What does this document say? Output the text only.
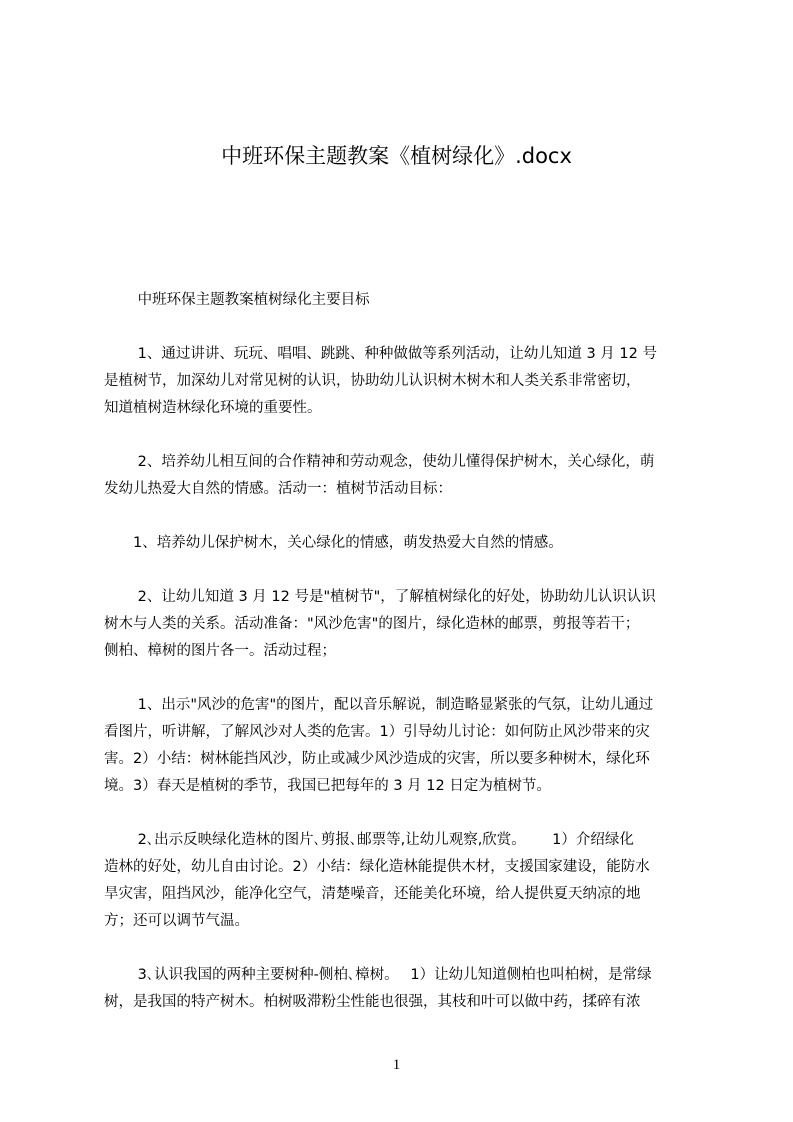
中班环保主题教案《植树绿化》.docx
　　 中班环保主题教案植树绿化主要目标
　　 1、通过讲讲、玩玩、唱唱、跳跳、种种做做等系列活动，让幼儿知道 3 月 12 号
是植树节，加深幼儿对常见树的认识，协助幼儿认识树木树木和人类关系非常密切，
知道植树造林绿化环境的重要性。
　　 2、培养幼儿相互间的合作精神和劳动观念，使幼儿懂得保护树木，关心绿化，萌
发幼儿热爱大自然的情感。活动一：植树节活动目标：
　　1、培养幼儿保护树木，关心绿化的情感，萌发热爱大自然的情感。
　　 2、让幼儿知道 3 月 12 号是"植树节"，了解植树绿化的好处，协助幼儿认识认识
树木与人类的关系。活动准备："风沙危害"的图片，绿化造林的邮票，剪报等若干；
侧柏、樟树的图片各一。活动过程；
　　 1、出示"风沙的危害"的图片，配以音乐解说，制造略显紧张的气氛，让幼儿通过
看图片，听讲解，了解风沙对人类的危害。1）引导幼儿讨论：如何防止风沙带来的灾
害。2）小结：树林能挡风沙，防止或减少风沙造成的灾害，所以要多种树木，绿化环
境。3）春天是植树的季节，我国已把每年的 3 月 12 日定为植树节。
　　 2､出示反映绿化造林的图片､剪报､邮票等,让幼儿观察,欣赏。　　 1）介绍绿化
造林的好处，幼儿自由讨论。2）小结：绿化造林能提供木材，支援国家建设，能防水
旱灾害，阻挡风沙，能净化空气，清楚噪音，还能美化环境，给人提供夏天纳凉的地
方；还可以调节气温。
　　 3､认识我国的两种主要树种-侧柏､樟树。　 1）让幼儿知道侧柏也叫柏树，是常绿
树，是我国的特产树木。柏树吸滞粉尘性能也很强，其枝和叶可以做中药，揉碎有浓
1
